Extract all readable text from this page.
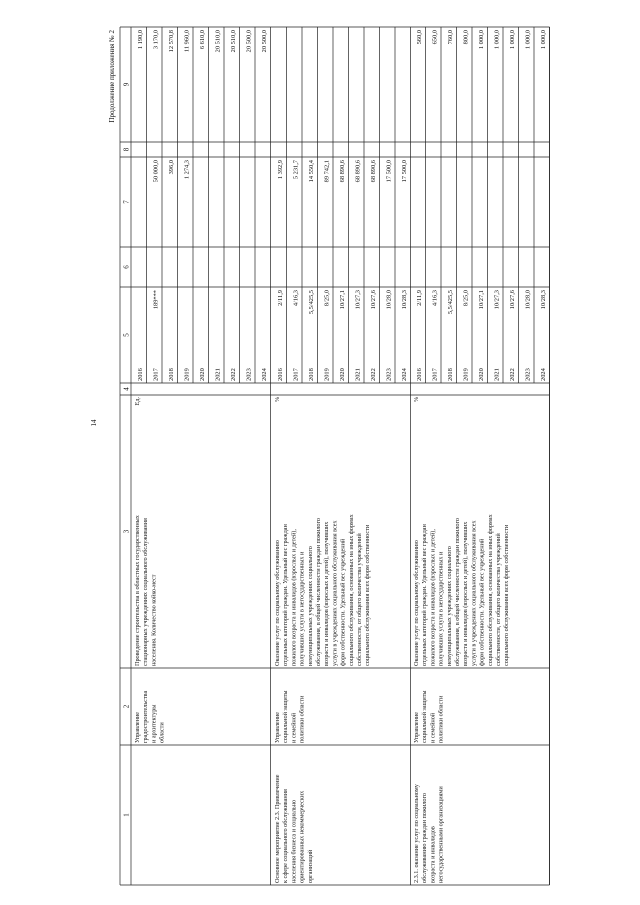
14
Продолжение приложения № 2
1
2
3
4
5
6
7
8
9
Управление градостроительства и архитектуры области
Проведение строительства в областных государственных стационарных учреждениях социального обслуживания населения. Количество койко-мест
Ед.
2016
1 190,0
2017
189***
50 000,0
3 170,0
2018
396,0
12 570,8
2019
1 274,3
11 960,0
2020
6 610,0
2021
20 510,0
2022
20 510,0
2023
20 500,0
2024
20 500,0
Основное мероприятие 2.3. Привлечение к сфере социального обслуживания населения бизнеса и социально ориентированных некоммерческих организаций
Управление социальной защиты и семейной политики области
Оказание услуг по социальному обслуживанию отдельных категорий граждан. Удельный вес граждан пожилого возраста и инвалидов (взрослых и детей), получивших услуги в негосударственных и немуниципальных учреждениях социального обслуживания, в общей численности граждан пожилого возраста и инвалидов (взрослых и детей), получивших услуги в учреждениях социального обслуживания всех форм собственности. Удельный вес учреждений социального обслуживания, основанных на иных формах собственности, от общего количества учреждений социального обслуживания всех форм собственности
%
2016
2/11,9
1 392,9
2017
4/16,3
5 231,7
2018
5,5/425,5
14 550,4
2019
8/25,0
89 742,1
2020
10/27,1
68 890,6
2021
10/27,3
68 890,6
2022
10/27,6
68 890,6
2023
10/28,0
17 500,0
2024
10/28,3
17 500,0
2.3.1. оказание услуг по социальному обслуживанию граждан пожилого возраста и инвалидов негосударственными организациями
Управление социальной защиты и семейной политики области
Оказание услуг по социальному обслуживанию отдельных категорий граждан. Удельный вес граждан пожилого возраста и инвалидов (взрослых и детей), получивших услуги в негосударственных и немуниципальных учреждениях социального обслуживания, в общей численности граждан пожилого возраста и инвалидов (взрослых и детей), получивших услуги в учреждениях социального обслуживания всех форм собственности. Удельный вес учреждений социального обслуживания, основанных на иных формах собственности, от общего количества учреждений социального обслуживания всех форм собственности
%
2016
2/11,9
560,0
2017
4/16,3
650,0
2018
5,5/425,5
760,0
2019
8/25,0
800,0
2020
10/27,1
1 000,0
2021
10/27,3
1 000,0
2022
10/27,6
1 000,0
2023
10/28,0
1 000,0
2024
10/28,3
1 000,0
